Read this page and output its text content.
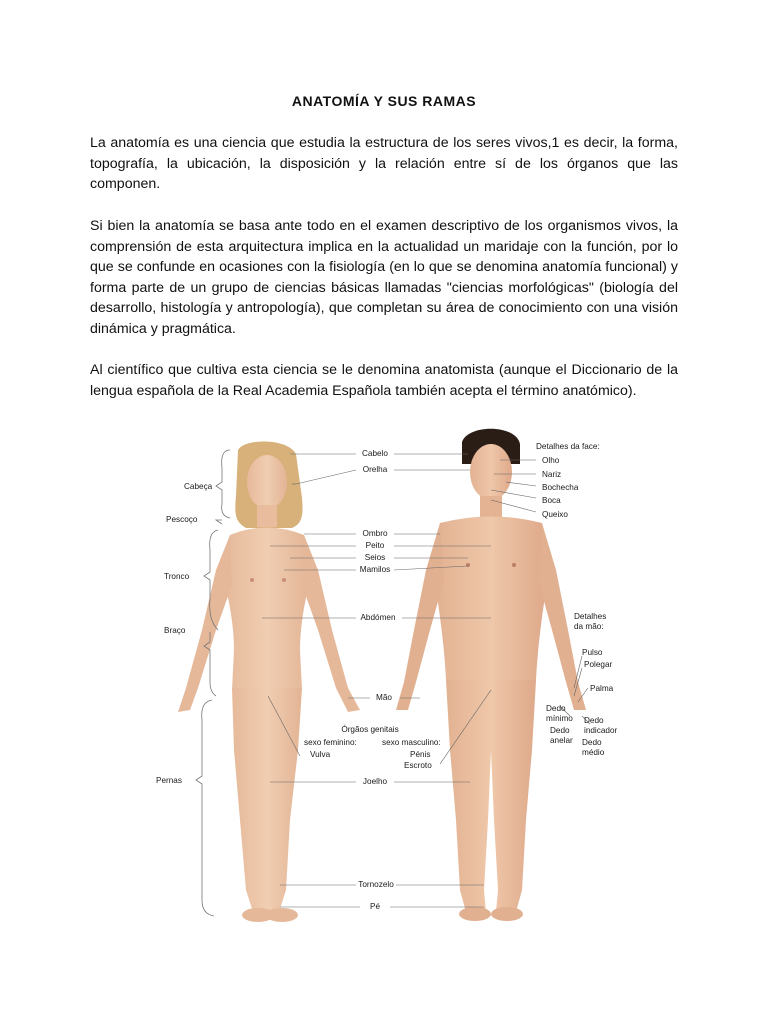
ANATOMÍA Y SUS RAMAS

La anatomía es una ciencia que estudia la estructura de los seres vivos,1 es decir, la forma, topografía, la ubicación, la disposición y la relación entre sí de los órganos que las componen.

Si bien la anatomía se basa ante todo en el examen descriptivo de los organismos vivos, la comprensión de esta arquitectura implica en la actualidad un maridaje con la función, por lo que se confunde en ocasiones con la fisiología (en lo que se denomina anatomía funcional) y forma parte de un grupo de ciencias básicas llamadas "ciencias morfológicas" (biología del desarrollo, histología y antropología), que completan su área de conocimiento con una visión dinámica y pragmática.

Al científico que cultiva esta ciencia se le denomina anatomista (aunque el Diccionario de la lengua española de la Real Academia Española también acepta el término anatómico).

Cabeça
Pescoço
Tronco
Braço
Pernas
Cabelo
Orelha
Ombro
Peito
Seios
Mamilos
Abdómen
Mão
Órgãos genitais
sexo feminino:
Vulva
sexo masculino:
Pénis
Escroto
Joelho
Tornozelo
Pé
Detalhes da face:
Olho
Nariz
Bochecha
Boca
Queixo
Detalhes da mão:
Pulso
Polegar
Palma
Dedo mínimo	Dedo indicador
Dedo anelar	Dedo médio
